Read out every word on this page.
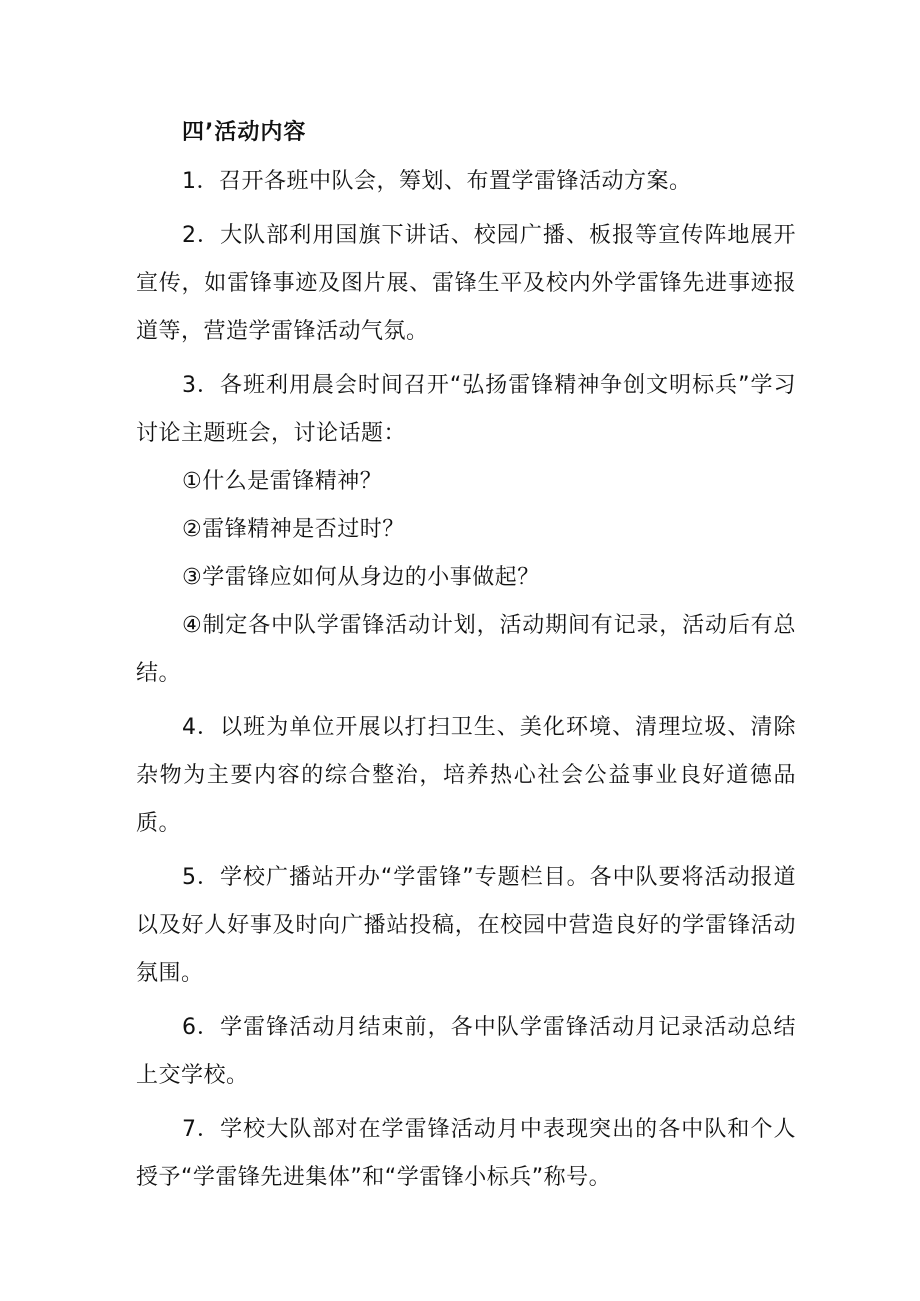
四’活动内容

1．召开各班中队会，筹划、布置学雷锋活动方案。

2．大队部利用国旗下讲话、校园广播、板报等宣传阵地展开宣传，如雷锋事迹及图片展、雷锋生平及校内外学雷锋先进事迹报道等，营造学雷锋活动气氛。

3．各班利用晨会时间召开“弘扬雷锋精神争创文明标兵”学习讨论主题班会，讨论话题：

①什么是雷锋精神？

②雷锋精神是否过时？

③学雷锋应如何从身边的小事做起？

④制定各中队学雷锋活动计划，活动期间有记录，活动后有总结。

4．以班为单位开展以打扫卫生、美化环境、清理垃圾、清除杂物为主要内容的综合整治，培养热心社会公益事业良好道德品质。

5．学校广播站开办“学雷锋”专题栏目。各中队要将活动报道以及好人好事及时向广播站投稿，在校园中营造良好的学雷锋活动氛围。

6．学雷锋活动月结束前，各中队学雷锋活动月记录活动总结上交学校。

7．学校大队部对在学雷锋活动月中表现突出的各中队和个人授予“学雷锋先进集体”和“学雷锋小标兵”称号。
